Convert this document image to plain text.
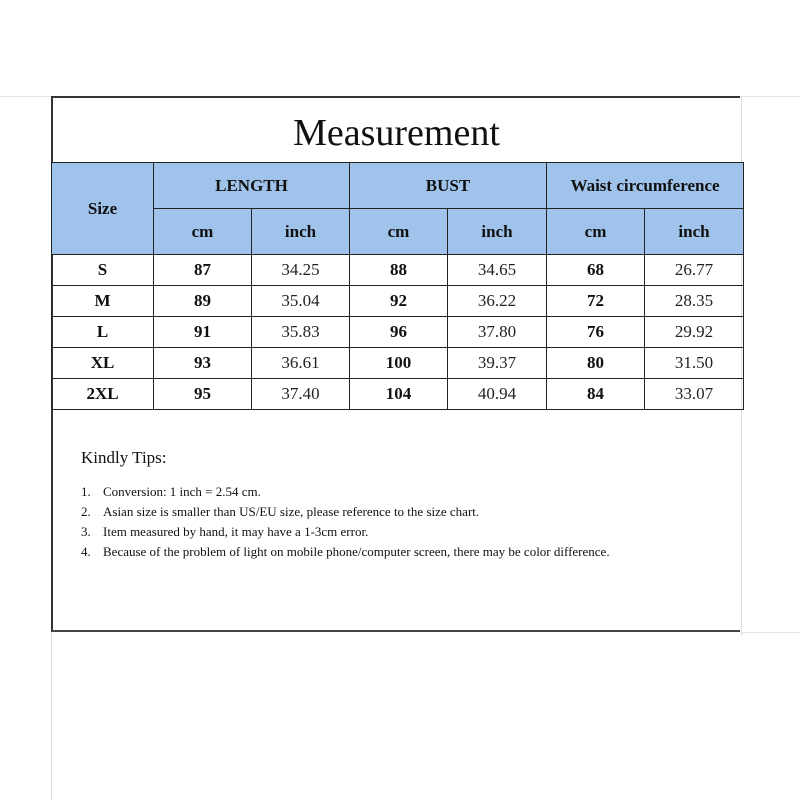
Measurement
Size	LENGTH		BUST		Waist circumference	
	cm	inch	cm	inch	cm	inch
S	87	34.25	88	34.65	68	26.77
M	89	35.04	92	36.22	72	28.35
L	91	35.83	96	37.80	76	29.92
XL	93	36.61	100	39.37	80	31.50
2XL	95	37.40	104	40.94	84	33.07
Kindly Tips:
1. Conversion: 1 inch = 2.54 cm.
2. Asian size is smaller than US/EU size, please reference to the size chart.
3. Item measured by hand, it may have a 1-3cm error.
4. Because of the problem of light on mobile phone/computer screen, there may be color difference.
